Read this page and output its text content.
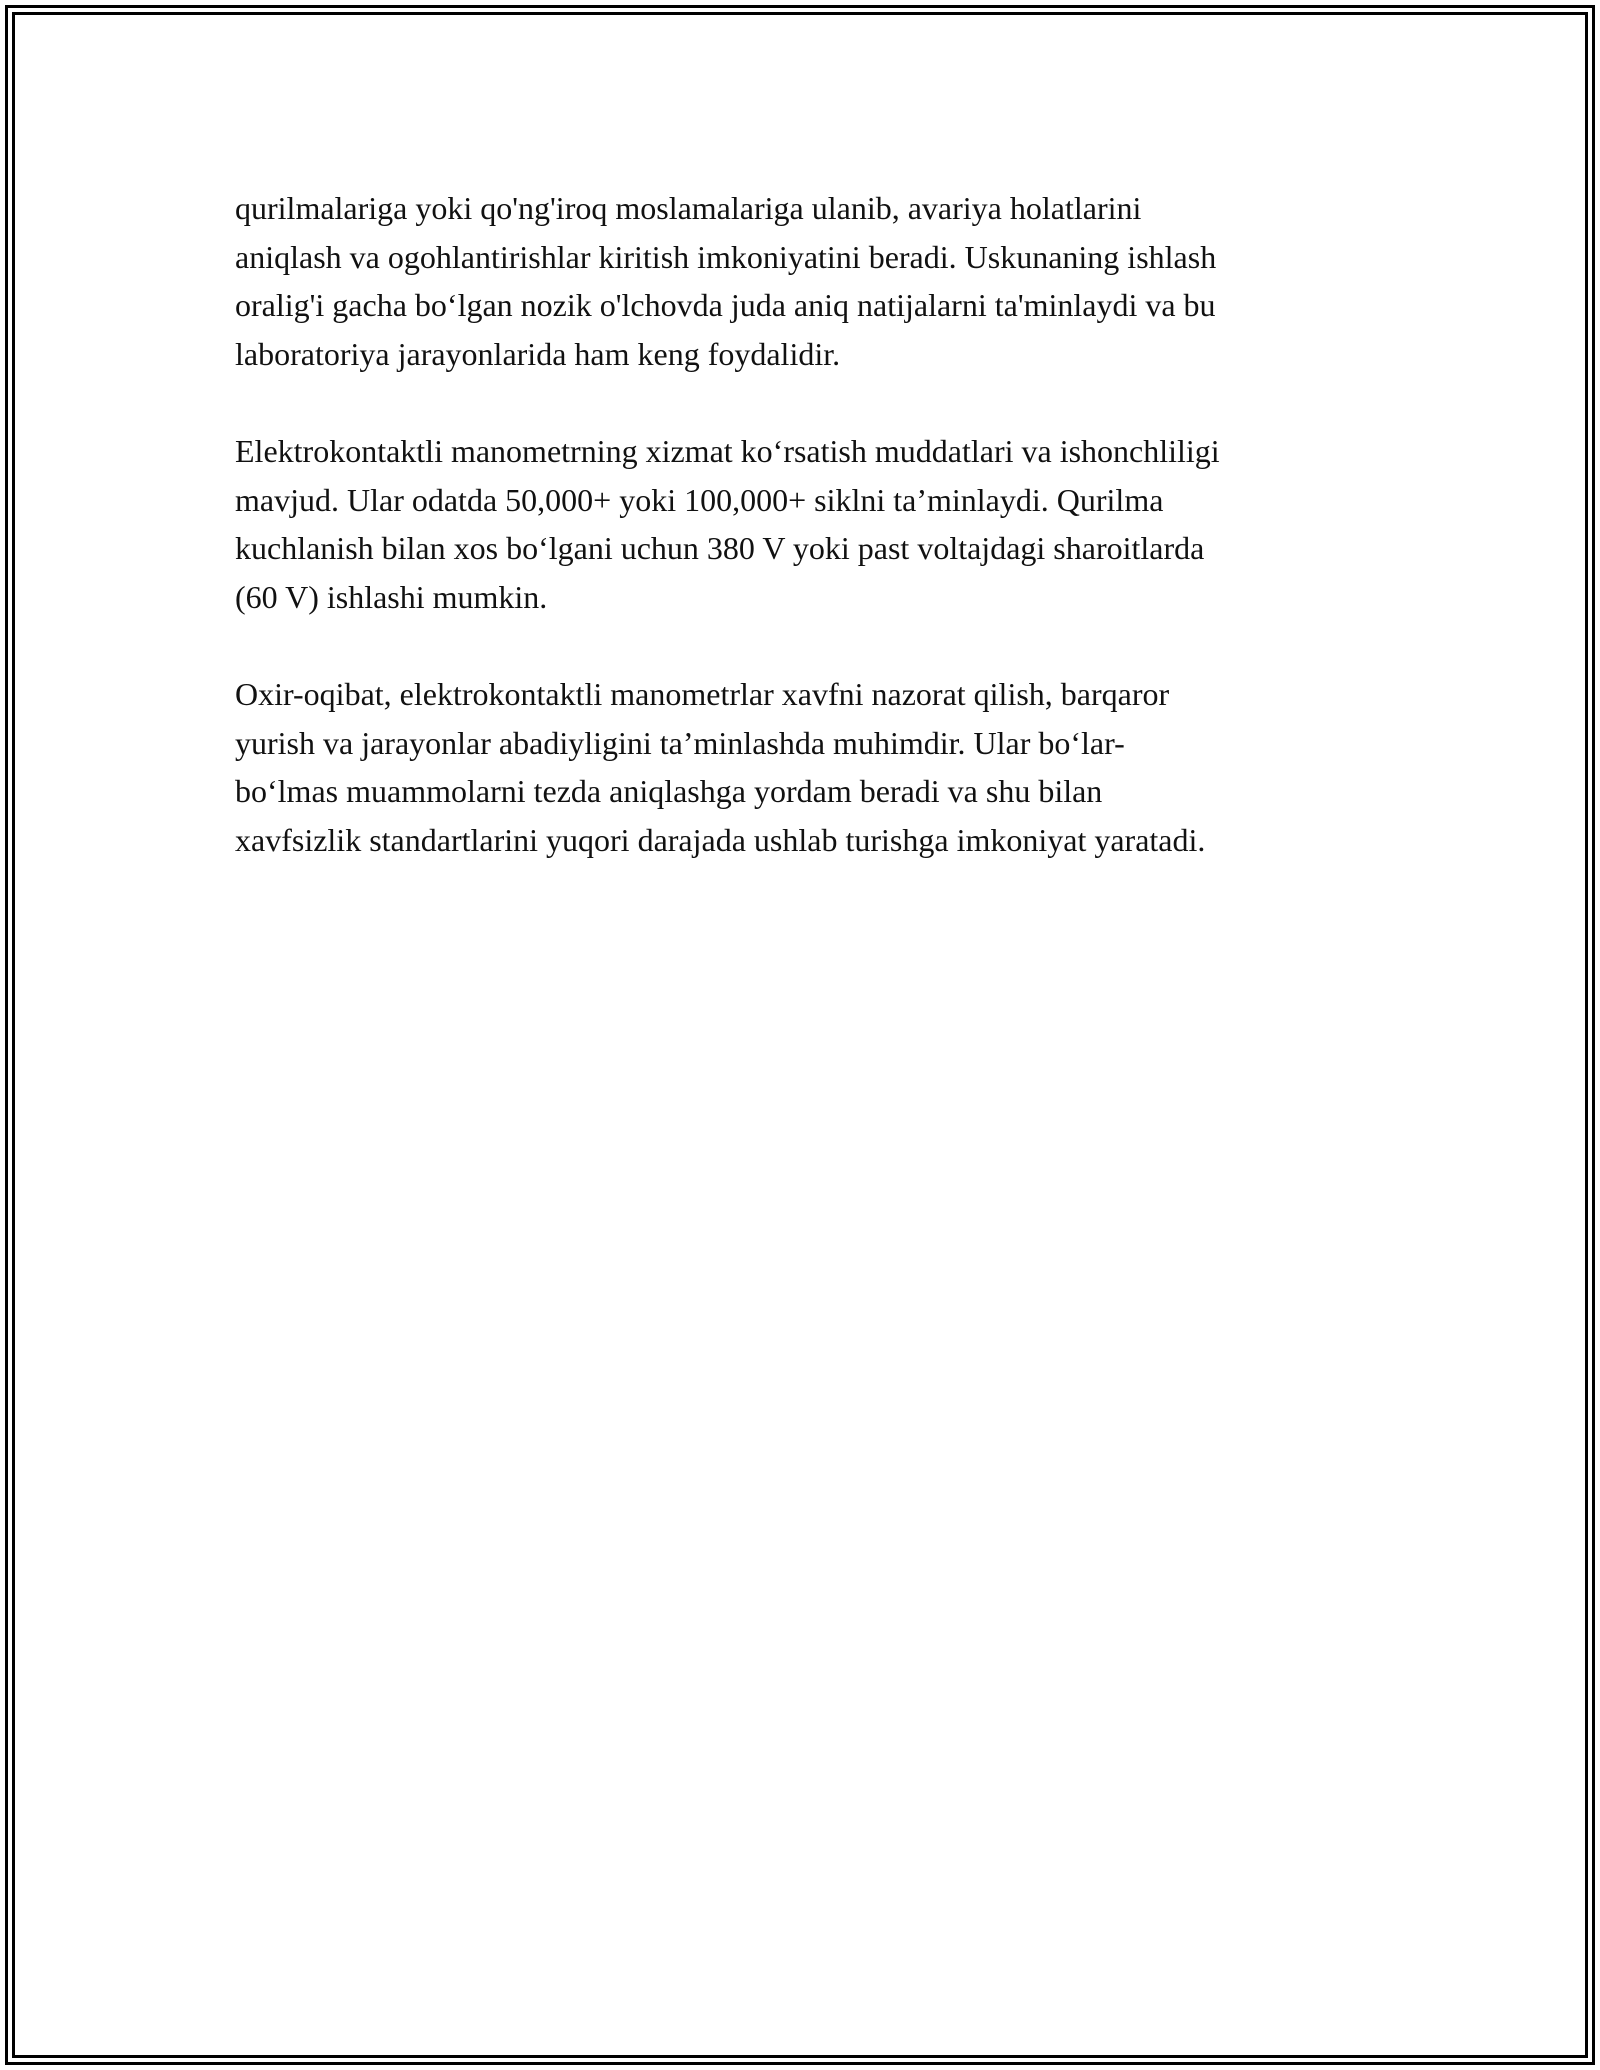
qurilmalariga yoki qo'ng'iroq moslamalariga ulanib, avariya holatlarini
aniqlash va ogohlantirishlar kiritish imkoniyatini beradi. Uskunaning ishlash
oralig'i gacha bo‘lgan nozik o'lchovda juda aniq natijalarni ta'minlaydi va bu
laboratoriya jarayonlarida ham keng foydalidir.

Elektrokontaktli manometrning xizmat ko‘rsatish muddatlari va ishonchliligi
mavjud. Ular odatda 50,000+ yoki 100,000+ siklni ta’minlaydi. Qurilma
kuchlanish bilan xos bo‘lgani uchun 380 V yoki past voltajdagi sharoitlarda
(60 V) ishlashi mumkin.

Oxir-oqibat, elektrokontaktli manometrlar xavfni nazorat qilish, barqaror
yurish va jarayonlar abadiyligini ta’minlashda muhimdir. Ular bo‘lar-
bo‘lmas muammolarni tezda aniqlashga yordam beradi va shu bilan
xavfsizlik standartlarini yuqori darajada ushlab turishga imkoniyat yaratadi.
